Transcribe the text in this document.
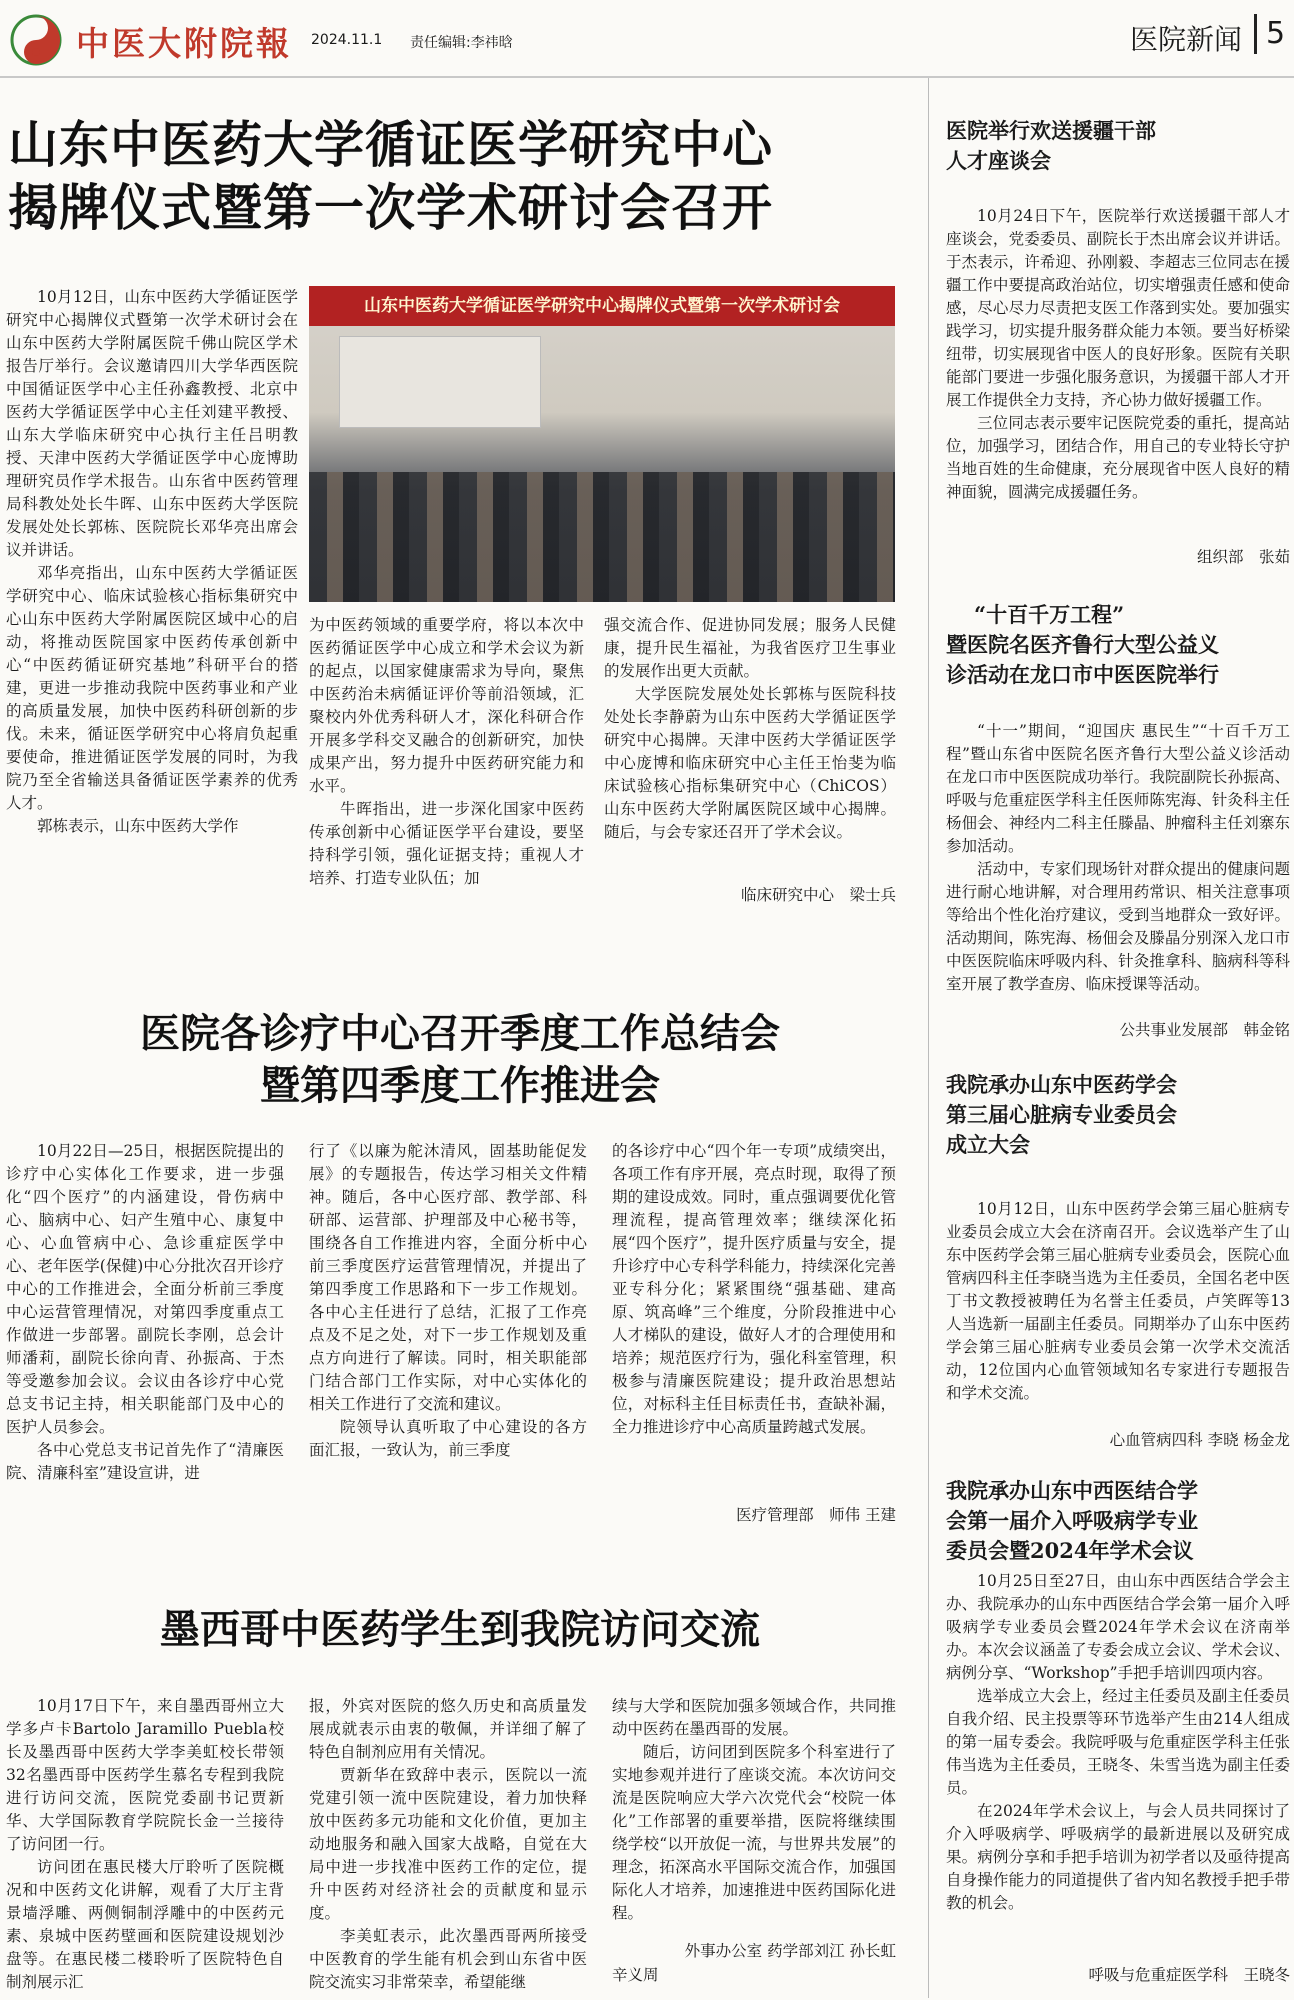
中医大附院報 2024.11.1 责任编辑:李祎晗	医院新闻 5
山东中医药大学循证医学研究中心
揭牌仪式暨第一次学术研讨会召开

10月12日，山东中医药大学循证医学研究中心揭牌仪式暨第一次学术研讨会在山东中医药大学附属医院千佛山院区学术报告厅举行。会议邀请四川大学华西医院中国循证医学中心主任孙鑫教授、北京中医药大学循证医学中心主任刘建平教授、山东大学临床研究中心执行主任吕明教授、天津中医药大学循证医学中心庞博助理研究员作学术报告。山东省中医药管理局科教处处长牛晖、山东中医药大学医院发展处处长郭栋、医院院长邓华亮出席会议并讲话。

邓华亮指出，山东中医药大学循证医学研究中心、临床试验核心指标集研究中心山东中医药大学附属医院区域中心的启动，将推动医院国家中医药传承创新中心“中医药循证研究基地”科研平台的搭建，更进一步推动我院中医药事业和产业的高质量发展，加快中医药科研创新的步伐。未来，循证医学研究中心将肩负起重要使命，推进循证医学发展的同时，为我院乃至全省输送具备循证医学素养的优秀人才。

郭栋表示，山东中医药大学作

山东中医药大学循证医学研究中心揭牌仪式暨第一次学术研讨会

为中医药领域的重要学府，将以本次中医药循证医学中心成立和学术会议为新的起点，以国家健康需求为导向，聚焦中医药治未病循证评价等前沿领域，汇聚校内外优秀科研人才，深化科研合作开展多学科交叉融合的创新研究，加快成果产出，努力提升中医药研究能力和水平。

牛晖指出，进一步深化国家中医药传承创新中心循证医学平台建设，要坚持科学引领，强化证据支持；重视人才培养、打造专业队伍；加

强交流合作、促进协同发展；服务人民健康，提升民生福祉，为我省医疗卫生事业的发展作出更大贡献。

大学医院发展处处长郭栋与医院科技处处长李静蔚为山东中医药大学循证医学研究中心揭牌。天津中医药大学循证医学中心庞博和临床研究中心主任王怡斐为临床试验核心指标集研究中心（ChiCOS）山东中医药大学附属医院区域中心揭牌。随后，与会专家还召开了学术会议。

临床研究中心　梁士兵
医院各诊疗中心召开季度工作总结会
暨第四季度工作推进会

10月22日—25日，根据医院提出的诊疗中心实体化工作要求，进一步强化“四个医疗”的内涵建设，骨伤病中心、脑病中心、妇产生殖中心、康复中心、心血管病中心、急诊重症医学中心、老年医学(保健)中心分批次召开诊疗中心的工作推进会，全面分析前三季度中心运营管理情况，对第四季度重点工作做进一步部署。副院长李刚，总会计师潘莉，副院长徐向青、孙振高、于杰等受邀参加会议。会议由各诊疗中心党总支书记主持，相关职能部门及中心的医护人员参会。

各中心党总支书记首先作了“清廉医院、清廉科室”建设宣讲，进

行了《以廉为舵沐清风，固基助能促发展》的专题报告，传达学习相关文件精神。随后，各中心医疗部、教学部、科研部、运营部、护理部及中心秘书等，围绕各自工作推进内容，全面分析中心前三季度医疗运营管理情况，并提出了第四季度工作思路和下一步工作规划。各中心主任进行了总结，汇报了工作亮点及不足之处，对下一步工作规划及重点方向进行了解读。同时，相关职能部门结合部门工作实际，对中心实体化的相关工作进行了交流和建议。

院领导认真听取了中心建设的各方面汇报，一致认为，前三季度

的各诊疗中心“四个年一专项”成绩突出，各项工作有序开展，亮点时现，取得了预期的建设成效。同时，重点强调要优化管理流程，提高管理效率；继续深化拓展“四个医疗”，提升医疗质量与安全，提升诊疗中心专科学科能力，持续深化完善亚专科分化；紧紧围绕“强基础、建高原、筑高峰”三个维度，分阶段推进中心人才梯队的建设，做好人才的合理使用和培养；规范医疗行为，强化科室管理，积极参与清廉医院建设；提升政治思想站位，对标科主任目标责任书，查缺补漏，全力推进诊疗中心高质量跨越式发展。

医疗管理部　师伟 王建
墨西哥中医药学生到我院访问交流

10月17日下午，来自墨西哥州立大学多卢卡Bartolo Jaramillo Puebla校长及墨西哥中医药大学李美虹校长带领32名墨西哥中医药学生慕名专程到我院进行访问交流，医院党委副书记贾新华、大学国际教育学院院长金一兰接待了访问团一行。

访问团在惠民楼大厅聆听了医院概况和中医药文化讲解，观看了大厅主背景墙浮雕、两侧铜制浮雕中的中医药元素、泉城中医药壁画和医院建设规划沙盘等。在惠民楼二楼聆听了医院特色自制剂展示汇

报，外宾对医院的悠久历史和高质量发展成就表示由衷的敬佩，并详细了解了特色自制剂应用有关情况。

贾新华在致辞中表示，医院以一流党建引领一流中医院建设，着力加快释放中医药多元功能和文化价值，更加主动地服务和融入国家大战略，自觉在大局中进一步找准中医药工作的定位，提升中医药对经济社会的贡献度和显示度。

李美虹表示，此次墨西哥两所接受中医教育的学生能有机会到山东省中医院交流实习非常荣幸，希望能继

续与大学和医院加强多领域合作，共同推动中医药在墨西哥的发展。

随后，访问团到医院多个科室进行了实地参观并进行了座谈交流。本次访问交流是医院响应大学六次党代会“校院一体化”工作部署的重要举措，医院将继续围绕学校“以开放促一流，与世界共发展”的理念，拓深高水平国际交流合作，加强国际化人才培养，加速推进中医药国际化进程。

外事办公室 药学部刘江 孙长虹
辛义周
医院举行欢送援疆干部
人才座谈会

10月24日下午，医院举行欢送援疆干部人才座谈会，党委委员、副院长于杰出席会议并讲话。于杰表示，许希迎、孙刚毅、李超志三位同志在援疆工作中要提高政治站位，切实增强责任感和使命感，尽心尽力尽责把支医工作落到实处。要加强实践学习，切实提升服务群众能力本领。要当好桥梁纽带，切实展现省中医人的良好形象。医院有关职能部门要进一步强化服务意识，为援疆干部人才开展工作提供全力支持，齐心协力做好援疆工作。

三位同志表示要牢记医院党委的重托，提高站位，加强学习，团结合作，用自己的专业特长守护当地百姓的生命健康，充分展现省中医人良好的精神面貌，圆满完成援疆任务。

组织部　张茹
“十百千万工程”
暨医院名医齐鲁行大型公益义
诊活动在龙口市中医医院举行

“十一”期间，“迎国庆 惠民生”“十百千万工程”暨山东省中医院名医齐鲁行大型公益义诊活动在龙口市中医医院成功举行。我院副院长孙振高、呼吸与危重症医学科主任医师陈宪海、针灸科主任杨佃会、神经内二科主任滕晶、肿瘤科主任刘寨东参加活动。

活动中，专家们现场针对群众提出的健康问题进行耐心地讲解，对合理用药常识、相关注意事项等给出个性化治疗建议，受到当地群众一致好评。活动期间，陈宪海、杨佃会及滕晶分别深入龙口市中医医院临床呼吸内科、针灸推拿科、脑病科等科室开展了教学查房、临床授课等活动。

公共事业发展部　韩金铭
我院承办山东中医药学会
第三届心脏病专业委员会
成立大会

10月12日，山东中医药学会第三届心脏病专业委员会成立大会在济南召开。会议选举产生了山东中医药学会第三届心脏病专业委员会，医院心血管病四科主任李晓当选为主任委员，全国名老中医丁书文教授被聘任为名誉主任委员，卢笑晖等13人当选新一届副主任委员。同期举办了山东中医药学会第三届心脏病专业委员会第一次学术交流活动，12位国内心血管领域知名专家进行专题报告和学术交流。

心血管病四科 李晓 杨金龙
我院承办山东中西医结合学
会第一届介入呼吸病学专业
委员会暨2024年学术会议

10月25日至27日，由山东中西医结合学会主办、我院承办的山东中西医结合学会第一届介入呼吸病学专业委员会暨2024年学术会议在济南举办。本次会议涵盖了专委会成立会议、学术会议、病例分享、“Workshop”手把手培训四项内容。

选举成立大会上，经过主任委员及副主任委员自我介绍、民主投票等环节选举产生由214人组成的第一届专委会。我院呼吸与危重症医学科主任张伟当选为主任委员，王晓冬、朱雪当选为副主任委员。

在2024年学术会议上，与会人员共同探讨了介入呼吸病学、呼吸病学的最新进展以及研究成果。病例分享和手把手培训为初学者以及亟待提高自身操作能力的同道提供了省内知名教授手把手带教的机会。

呼吸与危重症医学科　王晓冬
